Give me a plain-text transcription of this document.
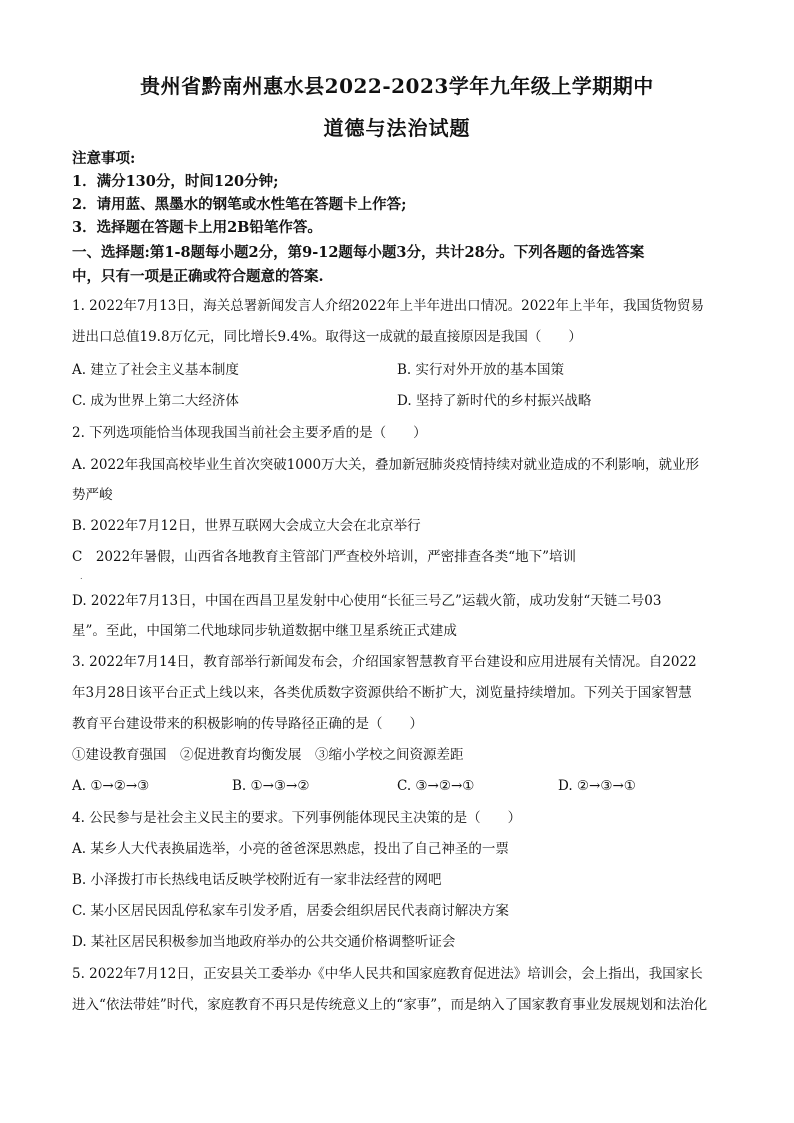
贵州省黔南州惠水县2022-2023学年九年级上学期期中
道德与法治试题
注意事项:
1．满分130分，时间120分钟;
2．请用蓝、黑墨水的钢笔或水性笔在答题卡上作答;
3．选择题在答题卡上用2B铅笔作答。
一、选择题:第1-8题每小题2分，第9-12题每小题3分，共计28分。下列各题的备选答案
中，只有一项是正确或符合题意的答案.
1. 2022年7月13日，海关总署新闻发言人介绍2022年上半年进出口情况。2022年上半年，我国货物贸易
进出口总值19.8万亿元，同比增长9.4%。取得这一成就的最直接原因是我国（　　）
A. 建立了社会主义基本制度	B. 实行对外开放的基本国策
C. 成为世界上第二大经济体	D. 坚持了新时代的乡村振兴战略
2. 下列选项能恰当体现我国当前社会主要矛盾的是（　　）
A. 2022年我国高校毕业生首次突破1000万大关，叠加新冠肺炎疫情持续对就业造成的不利影响，就业形
势严峻
B. 2022年7月12日，世界互联网大会成立大会在北京举行
C　2022年暑假，山西省各地教育主管部门严查校外培训，严密排查各类“地下”培训
.
D. 2022年7月13日，中国在西昌卫星发射中心使用“长征三号乙”运载火箭，成功发射“天链二号03
星”。至此，中国第二代地球同步轨道数据中继卫星系统正式建成
3. 2022年7月14日，教育部举行新闻发布会，介绍国家智慧教育平台建设和应用进展有关情况。自2022
年3月28日该平台正式上线以来，各类优质数字资源供给不断扩大，浏览量持续增加。下列关于国家智慧
教育平台建设带来的积极影响的传导路径正确的是（　　）
①建设教育强国　②促进教育均衡发展　③缩小学校之间资源差距
A. ①→②→③	B. ①→③→②	C. ③→②→①	D. ②→③→①
4. 公民参与是社会主义民主的要求。下列事例能体现民主决策的是（　　）
A. 某乡人大代表换届选举，小亮的爸爸深思熟虑，投出了自己神圣的一票
B. 小泽拨打市长热线电话反映学校附近有一家非法经营的网吧
C. 某小区居民因乱停私家车引发矛盾，居委会组织居民代表商讨解决方案
D. 某社区居民积极参加当地政府举办的公共交通价格调整听证会
5. 2022年7月12日，正安县关工委举办《中华人民共和国家庭教育促进法》培训会，会上指出，我国家长
进入“依法带娃”时代，家庭教育不再只是传统意义上的“家事”，而是纳入了国家教育事业发展规划和法治化
